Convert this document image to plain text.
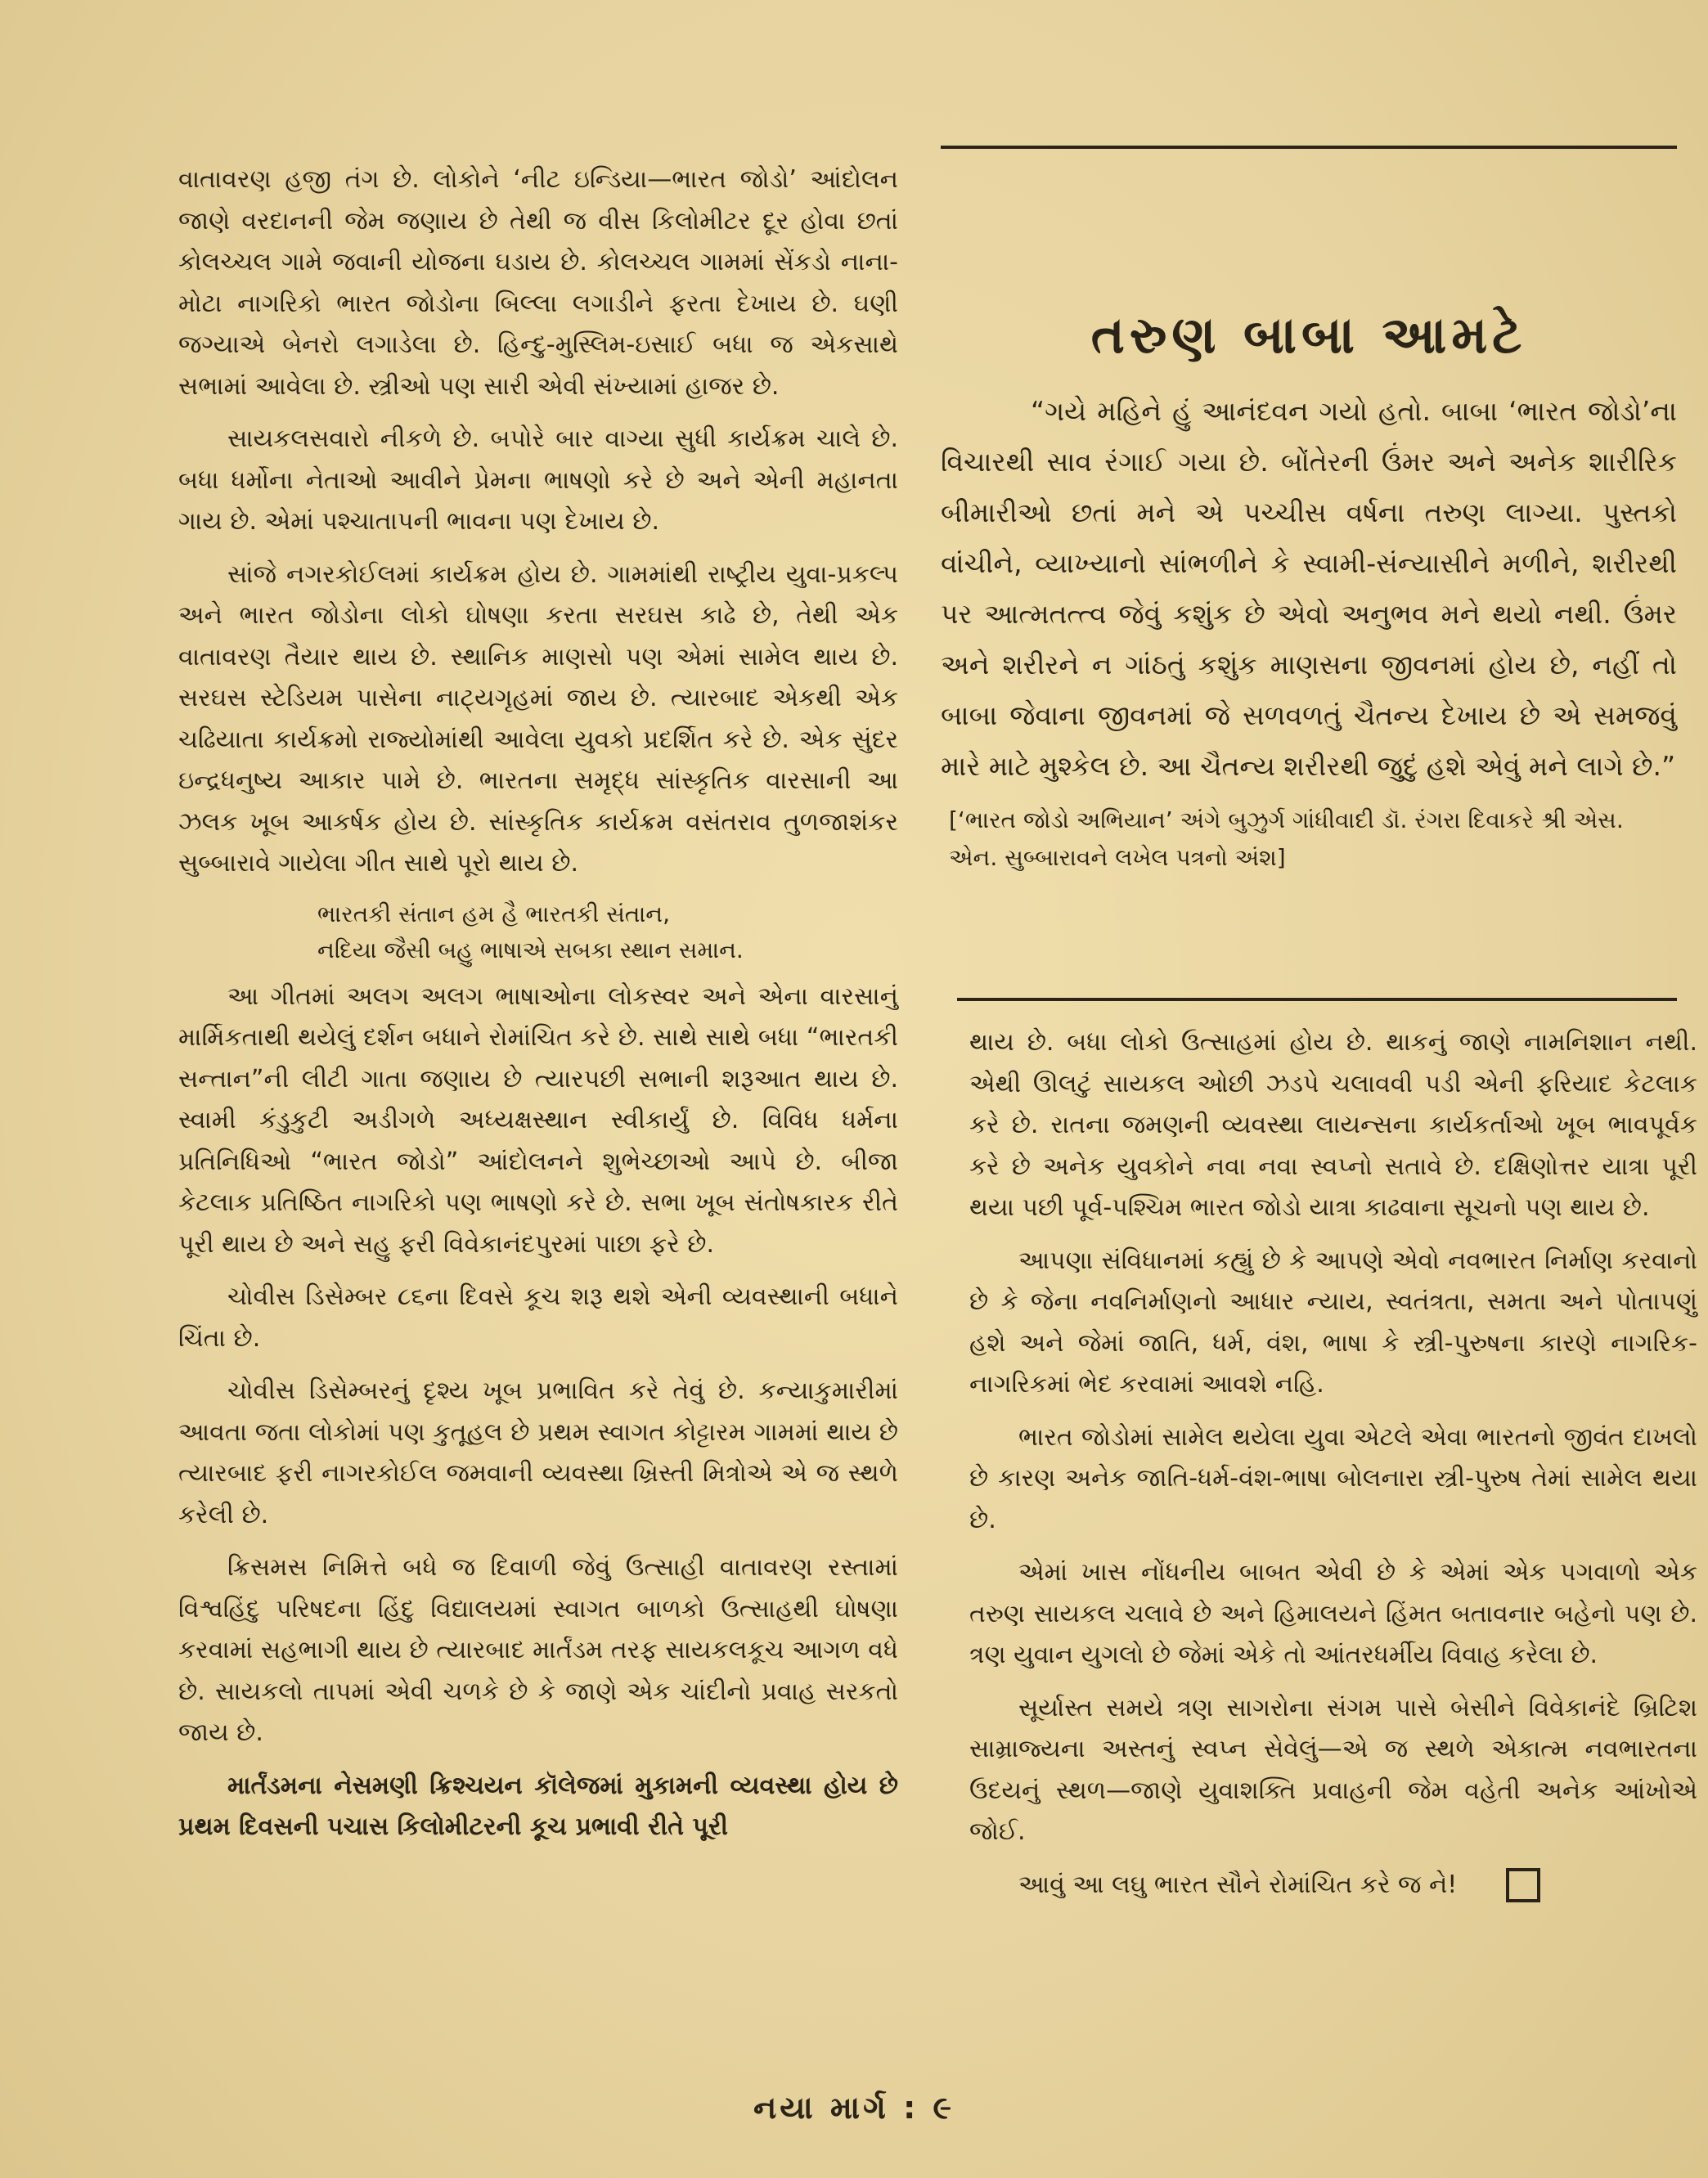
વાતાવરણ હજી તંગ છે. લોકોને ‘નીટ ઇન્ડિયા—ભારત જોડો’ આંદોલન જાણે વરદાનની જેમ જણાય છે તેથી જ વીસ કિલોમીટર દૂર હોવા છતાં કોલચ્ચલ ગામે જવાની યોજના ઘડાય છે. કોલચ્ચલ ગામમાં સેંકડો નાના-મોટા નાગરિકો ભારત જોડોના બિલ્લા લગાડીને ફરતા દેખાય છે. ઘણી જગ્યાએ બેનરો લગાડેલા છે. હિન્દુ-મુસ્લિમ-ઇસાઈ બધા જ એકસાથે સભામાં આવેલા છે. સ્ત્રીઓ પણ સારી એવી સંખ્યામાં હાજર છે.

સાયકલસવારો નીકળે છે. બપોરે બાર વાગ્યા સુધી કાર્યક્રમ ચાલે છે. બધા ધર્મોના નેતાઓ આવીને પ્રેમના ભાષણો કરે છે અને એની મહાનતા ગાય છે. એમાં પશ્ચાતાપની ભાવના પણ દેખાય છે.

સાંજે નગરકોઈલમાં કાર્યક્રમ હોય છે. ગામમાંથી રાષ્ટ્રીય યુવા-પ્રકલ્પ અને ભારત જોડોના લોકો ઘોષણા કરતા સરઘસ કાઢે છે, તેથી એક વાતાવરણ તૈયાર થાય છે. સ્થાનિક માણસો પણ એમાં સામેલ થાય છે. સરઘસ સ્ટેડિયમ પાસેના નાટ્યગૃહમાં જાય છે. ત્યારબાદ એકથી એક ચઢિયાતા કાર્યક્રમો રાજ્યોમાંથી આવેલા યુવકો પ્રદર્શિત કરે છે. એક સુંદર ઇન્દ્રધનુષ્ય આકાર પામે છે. ભારતના સમૃદ્ધ સાંસ્કૃતિક વારસાની આ ઝલક ખૂબ આકર્ષક હોય છે. સાંસ્કૃતિક કાર્યક્રમ વસંતરાવ તુળજાશંકર સુબ્બારાવે ગાયેલા ગીત સાથે પૂરો થાય છે.

ભારતકી સંતાન હમ હૈ ભારતકી સંતાન,
નદિયા જૈસી બહુ ભાષાએ સબકા સ્થાન સમાન.

આ ગીતમાં અલગ અલગ ભાષાઓના લોકસ્વર અને એના વારસાનું માર્મિકતાથી થયેલું દર્શન બધાને રોમાંચિત કરે છે. સાથે સાથે બધા “ભારતકી સન્તાન”ની લીટી ગાતા જણાય છે ત્યારપછી સભાની શરૂઆત થાય છે. સ્વામી કંડુકુટી અડીગળે અધ્યક્ષસ્થાન સ્વીકાર્યું છે. વિવિધ ધર્મના પ્રતિનિધિઓ “ભારત જોડો” આંદોલનને શુભેચ્છાઓ આપે છે. બીજા કેટલાક પ્રતિષ્ઠિત નાગરિકો પણ ભાષણો કરે છે. સભા ખૂબ સંતોષકારક રીતે પૂરી થાય છે અને સહુ ફરી વિવેકાનંદપુરમાં પાછા ફરે છે.

ચોવીસ ડિસેમ્બર ૮૬ના દિવસે કૂચ શરૂ થશે એની વ્યવસ્થાની બધાને ચિંતા છે.

ચોવીસ ડિસેમ્બરનું દૃશ્ય ખૂબ પ્રભાવિત કરે તેવું છે. કન્યાકુમારીમાં આવતા જતા લોકોમાં પણ કુતૂહલ છે પ્રથમ સ્વાગત કોટ્ટારમ ગામમાં થાય છે ત્યારબાદ ફરી નાગરકોઈલ જમવાની વ્યવસ્થા ખ્રિસ્તી મિત્રોએ એ જ સ્થળે કરેલી છે.

ક્રિસમસ નિમિત્તે બધે જ દિવાળી જેવું ઉત્સાહી વાતાવરણ રસ્તામાં વિશ્વહિંદુ પરિષદના હિંદુ વિદ્યાલયમાં સ્વાગત બાળકો ઉત્સાહથી ઘોષણા કરવામાં સહભાગી થાય છે ત્યારબાદ માર્તંડમ તરફ સાયકલકૂચ આગળ વધે છે. સાયકલો તાપમાં એવી ચળકે છે કે જાણે એક ચાંદીનો પ્રવાહ સરકતો જાય છે.

માર્તંડમના નેસમણી ક્રિશ્ચયન કૉલેજમાં મુકામની વ્યવસ્થા હોય છે પ્રથમ દિવસની પચાસ કિલોમીટરની કૂચ પ્રભાવી રીતે પૂરી

તરુણ બાબા આમટે

“ગયે મહિને હું આનંદવન ગયો હતો. બાબા ‘ભારત જોડો’ના વિચારથી સાવ રંગાઈ ગયા છે. બોંતેરની ઉંમર અને અનેક શારીરિક બીમારીઓ છતાં મને એ પચ્ચીસ વર્ષના તરુણ લાગ્યા. પુસ્તકો વાંચીને, વ્યાખ્યાનો સાંભળીને કે સ્વામી-સંન્યાસીને મળીને, શરીરથી પર આત્મતત્ત્વ જેવું કશુંક છે એવો અનુભવ મને થયો નથી. ઉંમર અને શરીરને ન ગાંઠતું કશુંક માણસના જીવનમાં હોય છે, નહીં તો બાબા જેવાના જીવનમાં જે સળવળતું ચૈતન્ય દેખાય છે એ સમજવું મારે માટે મુશ્કેલ છે. આ ચૈતન્ય શરીરથી જુદું હશે એવું મને લાગે છે.”

[‘ભારત જોડો અભિયાન’ અંગે બુઝુર્ગ ગાંધીવાદી ડૉ. રંગરા દિવાકરે શ્રી એસ. એન. સુબ્બારાવને લખેલ પત્રનો અંશ]

થાય છે. બધા લોકો ઉત્સાહમાં હોય છે. થાકનું જાણે નામનિશાન નથી. એથી ઊલટું સાયકલ ઓછી ઝડપે ચલાવવી પડી એની ફરિયાદ કેટલાક કરે છે. રાતના જમણની વ્યવસ્થા લાયન્સના કાર્યકર્તાઓ ખૂબ ભાવપૂર્વક કરે છે અનેક યુવકોને નવા નવા સ્વપ્નો સતાવે છે. દક્ષિણોત્તર યાત્રા પૂરી થયા પછી પૂર્વ-પશ્ચિમ ભારત જોડો યાત્રા કાઢવાના સૂચનો પણ થાય છે.

આપણા સંવિધાનમાં કહ્યું છે કે આપણે એવો નવભારત નિર્માણ કરવાનો છે કે જેના નવનિર્માણનો આધાર ન્યાય, સ્વતંત્રતા, સમતા અને પોતાપણું હશે અને જેમાં જાતિ, ધર્મ, વંશ, ભાષા કે સ્ત્રી-પુરુષના કારણે નાગરિક-નાગરિકમાં ભેદ કરવામાં આવશે નહિ.

ભારત જોડોમાં સામેલ થયેલા યુવા એટલે એવા ભારતનો જીવંત દાખલો છે કારણ અનેક જાતિ-ધર્મ-વંશ-ભાષા બોલનારા સ્ત્રી-પુરુષ તેમાં સામેલ થયા છે.

એમાં ખાસ નોંધનીય બાબત એવી છે કે એમાં એક પગવાળો એક તરુણ સાયકલ ચલાવે છે અને હિમાલયને હિંમત બતાવનાર બહેનો પણ છે. ત્રણ યુવાન યુગલો છે જેમાં એકે તો આંતરધર્મીય વિવાહ કરેલા છે.

સૂર્યાસ્ત સમયે ત્રણ સાગરોના સંગમ પાસે બેસીને વિવેકાનંદે બ્રિટિશ સામ્રાજ્યના અસ્તનું સ્વપ્ન સેવેલું—એ જ સ્થળે એકાત્મ નવભારતના ઉદયનું સ્થળ—જાણે યુવાશક્તિ પ્રવાહની જેમ વહેતી અનેક આંખોએ જોઈ.

આવું આ લઘુ ભારત સૌને રોમાંચિત કરે જ ને!

નયા માર્ગ : ૯
